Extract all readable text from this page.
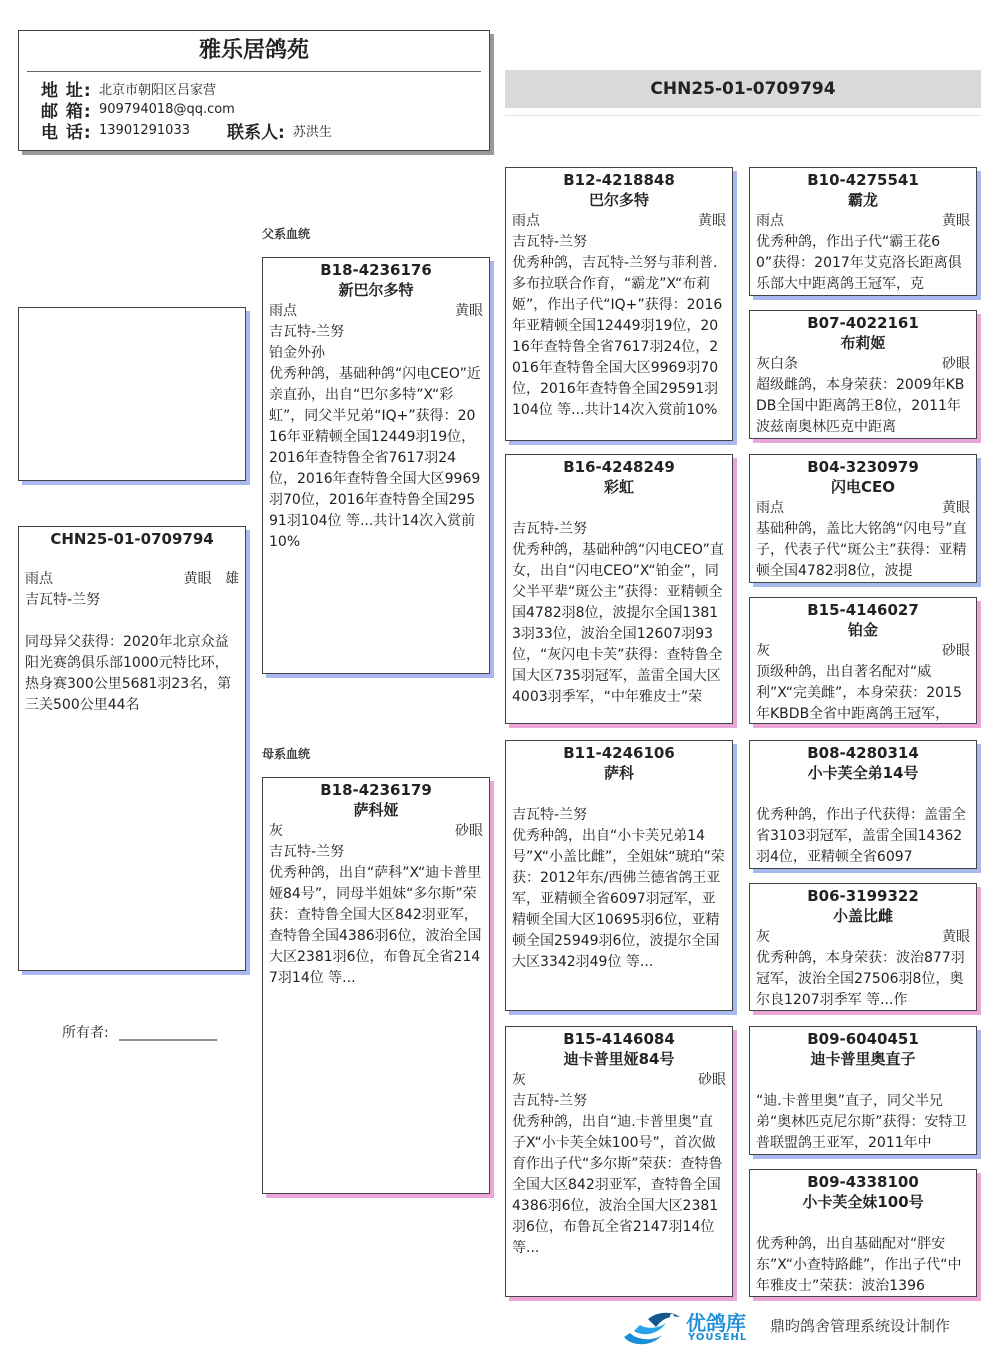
雅乐居鸽苑
地 址: 北京市朝阳区吕家营
邮 箱: 909794018@qq.com
电 话: 13901291033	联系人: 苏洪生
CHN25-01-0709794
CHN25-01-0709794
雨点	黄眼 雄
吉瓦特-兰努
同母异父获得：2020年北京众益阳光赛鸽俱乐部1000元特比环，热身赛300公里5681羽23名，第三关500公里44名
所有者: ______________
父系血统
母系血统
B18-4236176
新巴尔多特
雨点	黄眼
吉瓦特-兰努
铂金外孙
优秀种鸽，基础种鸽“闪电CEO”近亲直孙，出自“巴尔多特”X“彩虹”，同父半兄弟“IQ+”获得：2016年亚精顿全国12449羽19位，2016年查特鲁全省7617羽24位，2016年查特鲁全国大区9969羽70位，2016年查特鲁全国29591羽104位 等...共计14次入赏前10%
B18-4236179
萨科娅
灰	砂眼
吉瓦特-兰努
优秀种鸽，出自“萨科”X“迪卡普里娅84号”，同母半姐妹“多尔斯”荣获：查特鲁全国大区842羽亚军，查特鲁全国4386羽6位，波治全国大区2381羽6位，布鲁瓦全省2147羽14位 等...
B12-4218848
巴尔多特
雨点	黄眼
吉瓦特-兰努
优秀种鸽，吉瓦特-兰努与菲利普.多布拉联合作育，“霸龙”X“布莉姬”，作出子代“IQ+”获得：2016年亚精顿全国12449羽19位，2016年查特鲁全省7617羽24位，2016年查特鲁全国大区9969羽70位，2016年查特鲁全国29591羽104位 等...共计14次入赏前10%
B16-4248249
彩虹
吉瓦特-兰努
优秀种鸽，基础种鸽“闪电CEO”直女，出自“闪电CEO”X“铂金”，同父半平辈“斑公主”获得：亚精顿全国4782羽8位，波提尔全国13813羽33位，波治全国12607羽93位，“灰闪电卡芙”获得：查特鲁全国大区735羽冠军，盖雷全国大区4003羽季军，“中年雅皮士”荣
B11-4246106
萨科
吉瓦特-兰努
优秀种鸽，出自“小卡芙兄弟14号”X“小盖比雌”，全姐妹“琥珀”荣获：2012年东/西佛兰德省鸽王亚军，亚精顿全省6097羽冠军，亚精顿全国大区10695羽6位，亚精顿全国25949羽6位，波提尔全国大区3342羽49位 等...
B15-4146084
迪卡普里娅84号
灰	砂眼
吉瓦特-兰努
优秀种鸽，出自“迪.卡普里奥”直子X“小卡芙全妹100号”，首次做育作出子代“多尔斯”荣获：查特鲁全国大区842羽亚军，查特鲁全国4386羽6位，波治全国大区2381羽6位，布鲁瓦全省2147羽14位 等...
B10-4275541
霸龙
雨点	黄眼
优秀种鸽，作出子代“霸王花60”获得：2017年艾克洛长距离俱乐部大中距离鸽王冠军，克
B07-4022161
布莉姬
灰白条	砂眼
超级雌鸽，本身荣获：2009年KBDB全国中距离鸽王8位，2011年波兹南奥林匹克中距离
B04-3230979
闪电CEO
雨点	黄眼
基础种鸽，盖比大铭鸽“闪电号”直子，代表子代“斑公主”获得：亚精顿全国4782羽8位，波提
B15-4146027
铂金
灰	砂眼
顶级种鸽，出自著名配对“威利”X“完美雌”，本身荣获：2015年KBDB全省中距离鸽王冠军，
B08-4280314
小卡芙全弟14号
优秀种鸽，作出子代获得：盖雷全省3103羽冠军，盖雷全国14362羽4位，亚精顿全省6097
B06-3199322
小盖比雌
灰	黄眼
优秀种鸽，本身荣获：波治877羽冠军，波治全国27506羽8位，奥尔良1207羽季军 等...作
B09-6040451
迪卡普里奥直子
“迪.卡普里奥”直子，同父半兄弟“奥林匹克尼尔斯”获得：安特卫普联盟鸽王亚军，2011年中
B09-4338100
小卡芙全妹100号
优秀种鸽，出自基础配对“胖安东”X“小查特路雌”，作出子代“中年雅皮士”荣获：波治1396
优鸽库
YOUSEHL
鼎昀鸽舍管理系统设计制作
